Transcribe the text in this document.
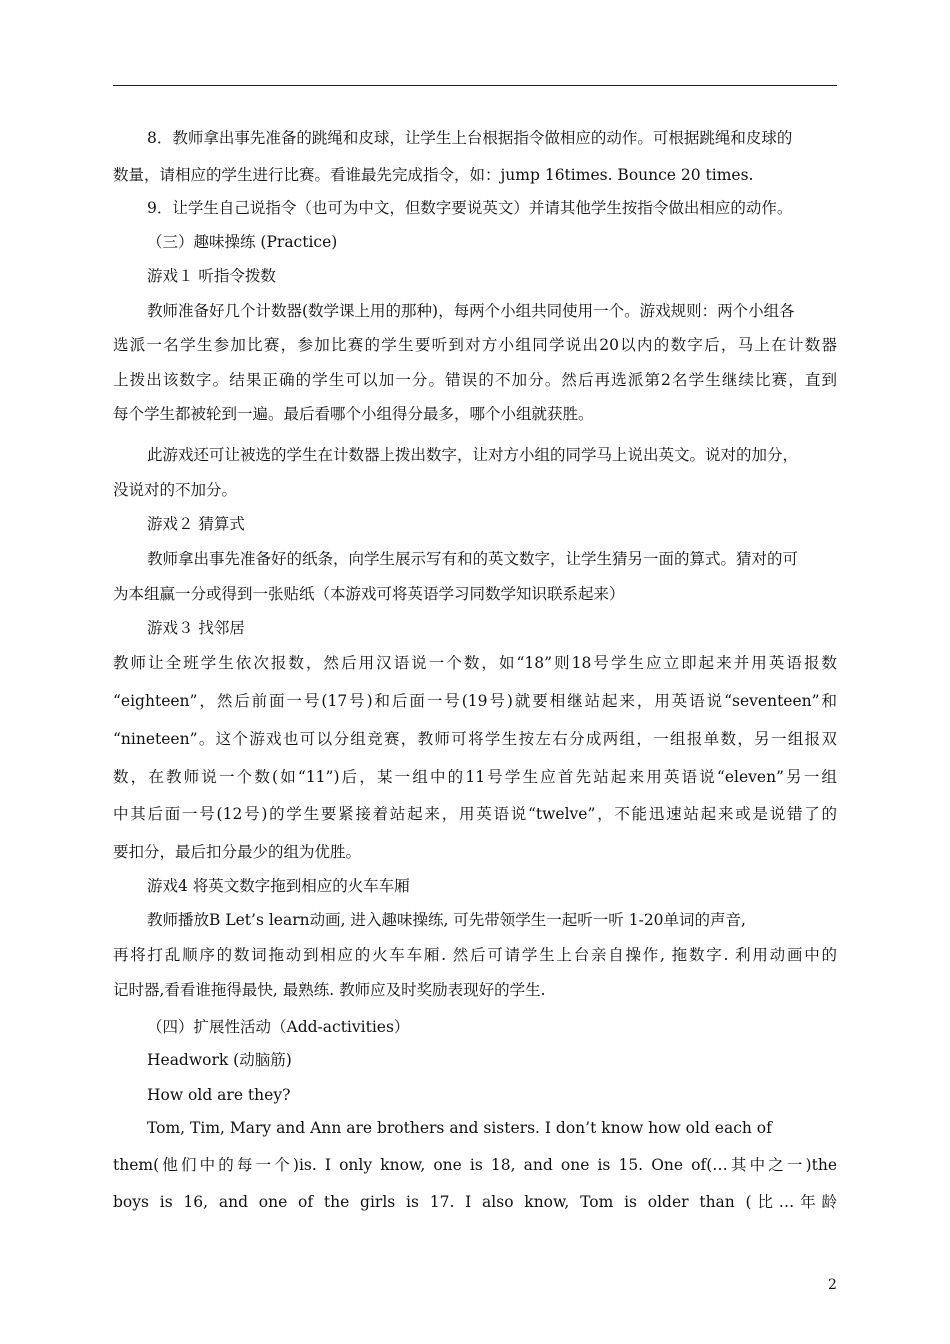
8．教师拿出事先准备的跳绳和皮球，让学生上台根据指令做相应的动作。可根据跳绳和皮球的

数量，请相应的学生进行比赛。看谁最先完成指令，如：jump 16times. Bounce 20 times.

9．让学生自己说指令（也可为中文，但数字要说英文）并请其他学生按指令做出相应的动作。

（三）趣味操练 (Practice)

游戏１ 听指令拨数

教师准备好几个计数器(数学课上用的那种)，每两个小组共同使用一个。游戏规则：两个小组各

选派一名学生参加比赛，参加比赛的学生要听到对方小组同学说出20以内的数字后，马上在计数器

上拨出该数字。结果正确的学生可以加一分。错误的不加分。然后再选派第2名学生继续比赛，直到

每个学生都被轮到一遍。最后看哪个小组得分最多，哪个小组就获胜。

此游戏还可让被选的学生在计数器上拨出数字，让对方小组的同学马上说出英文。说对的加分，

没说对的不加分。

游戏２ 猜算式

教师拿出事先准备好的纸条，向学生展示写有和的英文数字，让学生猜另一面的算式。猜对的可

为本组赢一分或得到一张贴纸（本游戏可将英语学习同数学知识联系起来）

游戏３ 找邻居

教师让全班学生依次报数，然后用汉语说一个数，如“18”则18号学生应立即起来并用英语报数

“eighteen”，然后前面一号(17号)和后面一号(19号)就要相继站起来，用英语说“seventeen”和

“nineteen”。这个游戏也可以分组竞赛，教师可将学生按左右分成两组，一组报单数，另一组报双

数，在教师说一个数(如“11”)后，某一组中的11号学生应首先站起来用英语说“eleven”另一组

中其后面一号(12号)的学生要紧接着站起来，用英语说“twelve”，不能迅速站起来或是说错了的

要扣分，最后扣分最少的组为优胜。

游戏4 将英文数字拖到相应的火车车厢

教师播放B Let’s learn动画, 进入趣味操练, 可先带领学生一起听一听 1-20单词的声音,

再将打乱顺序的数词拖动到相应的火车车厢. 然后可请学生上台亲自操作, 拖数字. 利用动画中的

记时器,看看谁拖得最快, 最熟练. 教师应及时奖励表现好的学生.

（四）扩展性活动（Add-activities）

Headwork (动脑筋)

How old are they?

Tom, Tim, Mary and Ann are brothers and sisters. I don’t know how old each of

them(他们中的每一个)is. I only know, one is 18, and one is 15. One of(…其中之一)the

boys is 16, and one of the girls is 17. I also know, Tom is older than (比…年龄

2
